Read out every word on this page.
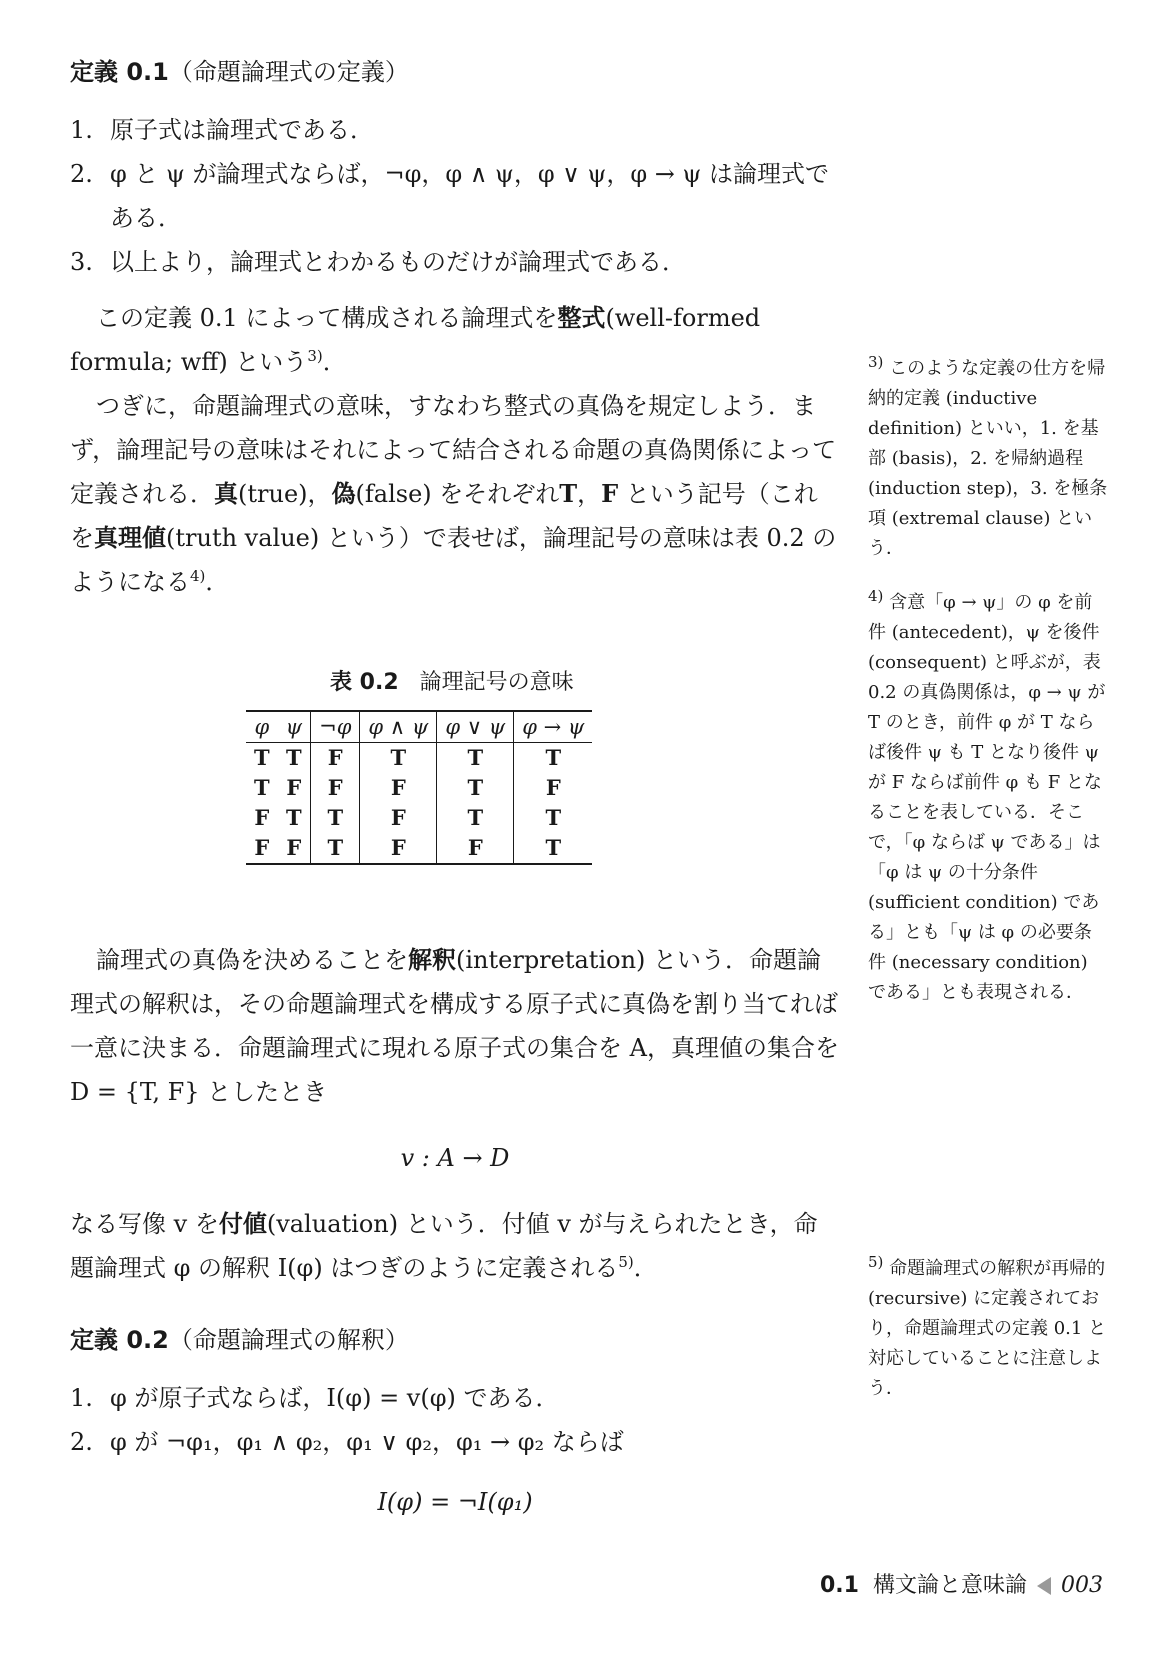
定義 0.1（命題論理式の定義）

1. 原子式は論理式である．
2. φ と ψ が論理式ならば，¬φ，φ ∧ ψ，φ ∨ ψ，φ → ψ は論理式である．
3. 以上より，論理式とわかるものだけが論理式である．

この定義 0.1 によって構成される論理式を整式(well-formed formula; wff) という$^{3)}$．

つぎに，命題論理式の意味，すなわち整式の真偽を規定しよう．まず，論理記号の意味はそれによって結合される命題の真偽関係によって定義される．真(true)，偽(false) をそれぞれT，F という記号（これを真理値(truth value) という）で表せば，論理記号の意味は表 0.2 のようになる$^{4)}$．

表 0.2 論理記号の意味
φ	ψ	¬φ	φ ∧ ψ	φ ∨ ψ	φ → ψ
T	T	F	T	T	T
T	F	F	F	T	F
F	T	T	F	T	T
F	F	T	F	F	T

論理式の真偽を決めることを解釈(interpretation) という．命題論理式の解釈は，その命題論理式を構成する原子式に真偽を割り当てれば一意に決まる．命題論理式に現れる原子式の集合を A，真理値の集合を D = {T, F} としたとき

v : A → D

なる写像 v を付値(valuation) という．付値 v が与えられたとき，命題論理式 φ の解釈 I(φ) はつぎのように定義される$^{5)}$．

定義 0.2（命題論理式の解釈）

1. φ が原子式ならば，I(φ) = v(φ) である．
2. φ が ¬φ₁，φ₁ ∧ φ₂，φ₁ ∨ φ₂，φ₁ → φ₂ ならば

I(φ) = ¬I(φ₁)

$^{3)}$ このような定義の仕方を帰納的定義 (inductive definition) といい，1. を基部 (basis)，2. を帰納過程 (induction step)，3. を極条項 (extremal clause) という．
$^{4)}$ 含意「φ → ψ」の φ を前件 (antecedent)，ψ を後件 (consequent) と呼ぶが，表 0.2 の真偽関係は，φ → ψ が T のとき，前件 φ が T ならば後件 ψ も T となり後件 ψ が F ならば前件 φ も F となることを表している．そこで，「φ ならば ψ である」は「φ は ψ の十分条件 (sufficient condition) である」とも「ψ は φ の必要条件 (necessary condition) である」とも表現される．
$^{5)}$ 命題論理式の解釈が再帰的 (recursive) に定義されており，命題論理式の定義 0.1 と対応していることに注意しよう．
0.1 構文論と意味論 003
